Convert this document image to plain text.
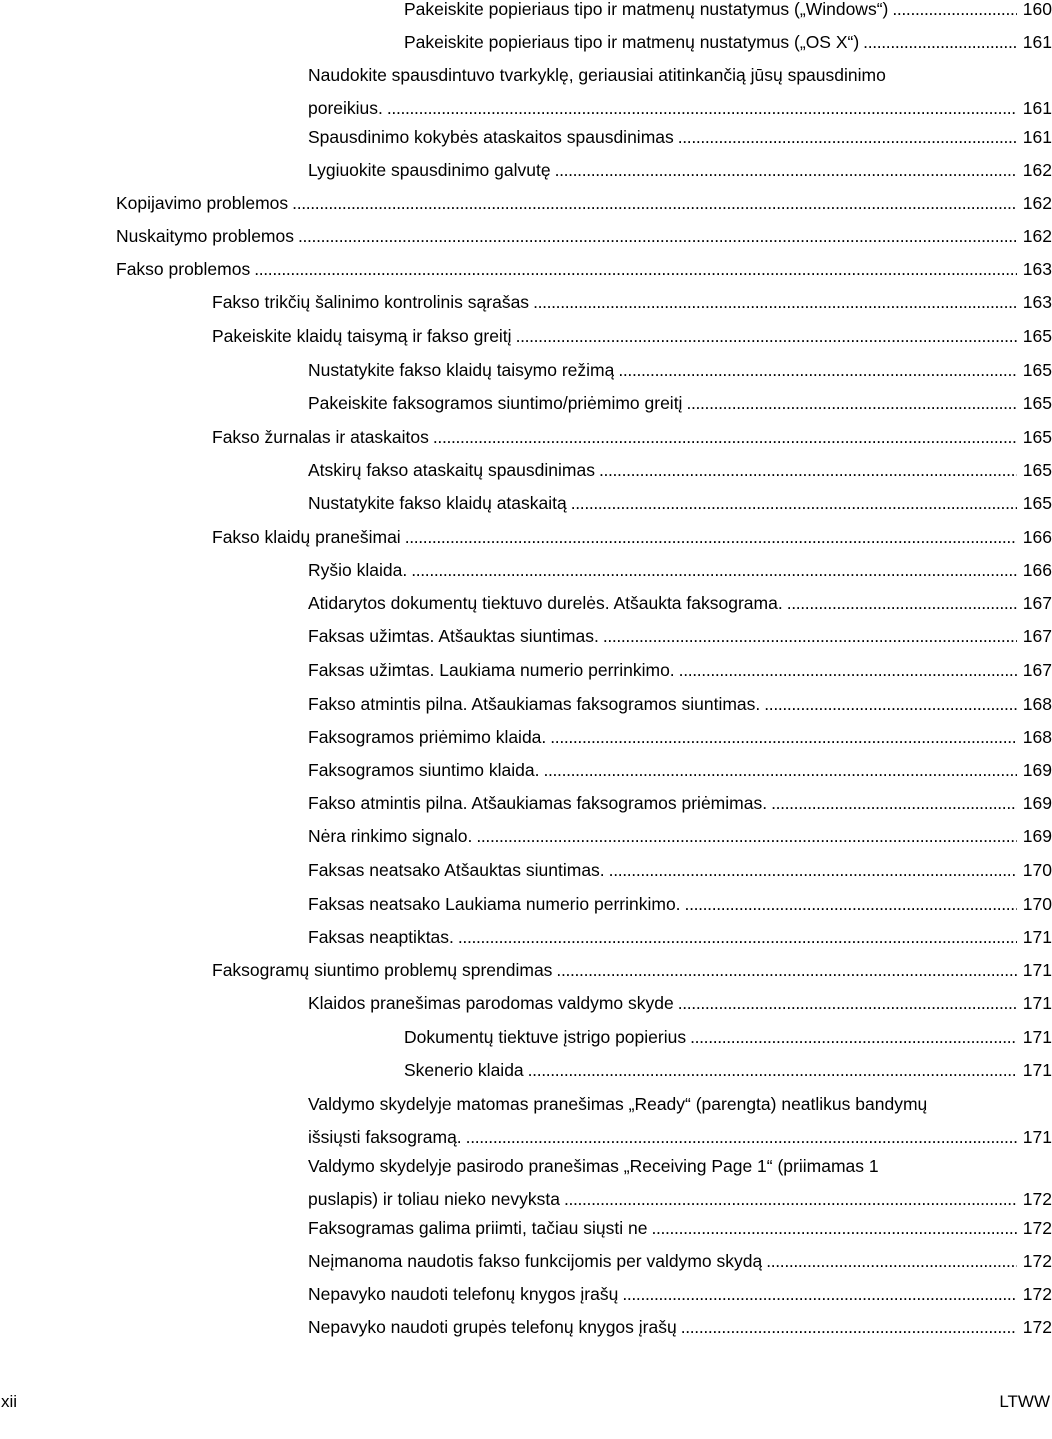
Pakeiskite popieriaus tipo ir matmenų nustatymus („Windows“) . . .	160
Pakeiskite popieriaus tipo ir matmenų nustatymus („OS X“) . . .	161
Naudokite spausdintuvo tvarkyklę, geriausiai atitinkančią jūsų spausdinimo
poreikius. . . .	161
Spausdinimo kokybės ataskaitos spausdinimas . . .	161
Lygiuokite spausdinimo galvutę . . .	162
Kopijavimo problemos . . .	162
Nuskaitymo problemos . . .	162
Fakso problemos . . .	163
Fakso trikčių šalinimo kontrolinis sąrašas . . .	163
Pakeiskite klaidų taisymą ir fakso greitį . . .	165
Nustatykite fakso klaidų taisymo režimą . . .	165
Pakeiskite faksogramos siuntimo/priėmimo greitį . . .	165
Fakso žurnalas ir ataskaitos . . .	165
Atskirų fakso ataskaitų spausdinimas . . .	165
Nustatykite fakso klaidų ataskaitą . . .	165
Fakso klaidų pranešimai . . .	166
Ryšio klaida. . . .	166
Atidarytos dokumentų tiektuvo durelės. Atšaukta faksograma. . . .	167
Faksas užimtas. Atšauktas siuntimas. . . .	167
Faksas užimtas. Laukiama numerio perrinkimo. . . .	167
Fakso atmintis pilna. Atšaukiamas faksogramos siuntimas. . . .	168
Faksogramos priėmimo klaida. . . .	168
Faksogramos siuntimo klaida. . . .	169
Fakso atmintis pilna. Atšaukiamas faksogramos priėmimas. . . .	169
Nėra rinkimo signalo. . . .	169
Faksas neatsako Atšauktas siuntimas. . . .	170
Faksas neatsako Laukiama numerio perrinkimo. . . .	170
Faksas neaptiktas. . . .	171
Faksogramų siuntimo problemų sprendimas . . .	171
Klaidos pranešimas parodomas valdymo skyde . . .	171
Dokumentų tiektuve įstrigo popierius . . .	171
Skenerio klaida . . .	171
Valdymo skydelyje matomas pranešimas „Ready“ (parengta) neatlikus bandymų
išsiųsti faksogramą. . . .	171
Valdymo skydelyje pasirodo pranešimas „Receiving Page 1“ (priimamas 1
puslapis) ir toliau nieko nevyksta . . .	172
Faksogramas galima priimti, tačiau siųsti ne . . .	172
Neįmanoma naudotis fakso funkcijomis per valdymo skydą . . .	172
Nepavyko naudoti telefonų knygos įrašų . . .	172
Nepavyko naudoti grupės telefonų knygos įrašų . . .	172
xii	LTWW
